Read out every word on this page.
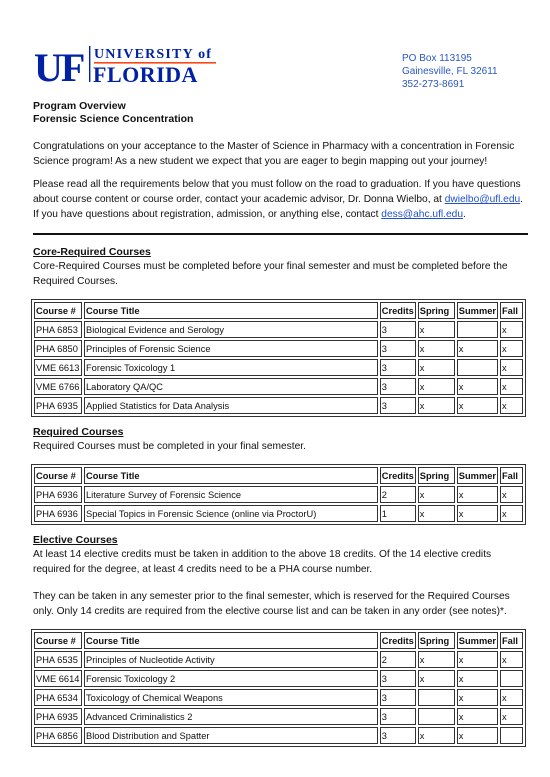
UF UNIVERSITY of
FLORIDA
PO Box 113195
Gainesville, FL 32611
352-273-8691
Program Overview
Forensic Science Concentration

Congratulations on your acceptance to the Master of Science in Pharmacy with a concentration in Forensic Science program! As a new student we expect that you are eager to begin mapping out your journey!

Please read all the requirements below that you must follow on the road to graduation. If you have questions about course content or course order, contact your academic advisor, Dr. Donna Wielbo, at dwielbo@ufl.edu.
If you have questions about registration, admission, or anything else, contact dess@ahc.ufl.edu.

Core-Required Courses

Core-Required Courses must be completed before your final semester and must be completed before the Required Courses.

Course #	Course Title	Credits	Spring	Summer	Fall
PHA 6853	Biological Evidence and Serology	3	x		x
PHA 6850	Principles of Forensic Science	3	x	x	x
VME 6613	Forensic Toxicology 1	3	x		x
VME 6766	Laboratory QA/QC	3	x	x	x
PHA 6935	Applied Statistics for Data Analysis	3	x	x	x
Required Courses

Required Courses must be completed in your final semester.

Course #	Course Title	Credits	Spring	Summer	Fall
PHA 6936	Literature Survey of Forensic Science	2	x	x	x
PHA 6936	Special Topics in Forensic Science (online via ProctorU)	1	x	x	x
Elective Courses

At least 14 elective credits must be taken in addition to the above 18 credits. Of the 14 elective credits required for the degree, at least 4 credits need to be a PHA course number.

They can be taken in any semester prior to the final semester, which is reserved for the Required Courses only. Only 14 credits are required from the elective course list and can be taken in any order (see notes)*.

Course #	Course Title	Credits	Spring	Summer	Fall
PHA 6535	Principles of Nucleotide Activity	2	x	x	x
VME 6614	Forensic Toxicology 2	3	x	x	
PHA 6534	Toxicology of Chemical Weapons	3		x	x
PHA 6935	Advanced Criminalistics 2	3		x	x
PHA 6856	Blood Distribution and Spatter	3	x	x	
